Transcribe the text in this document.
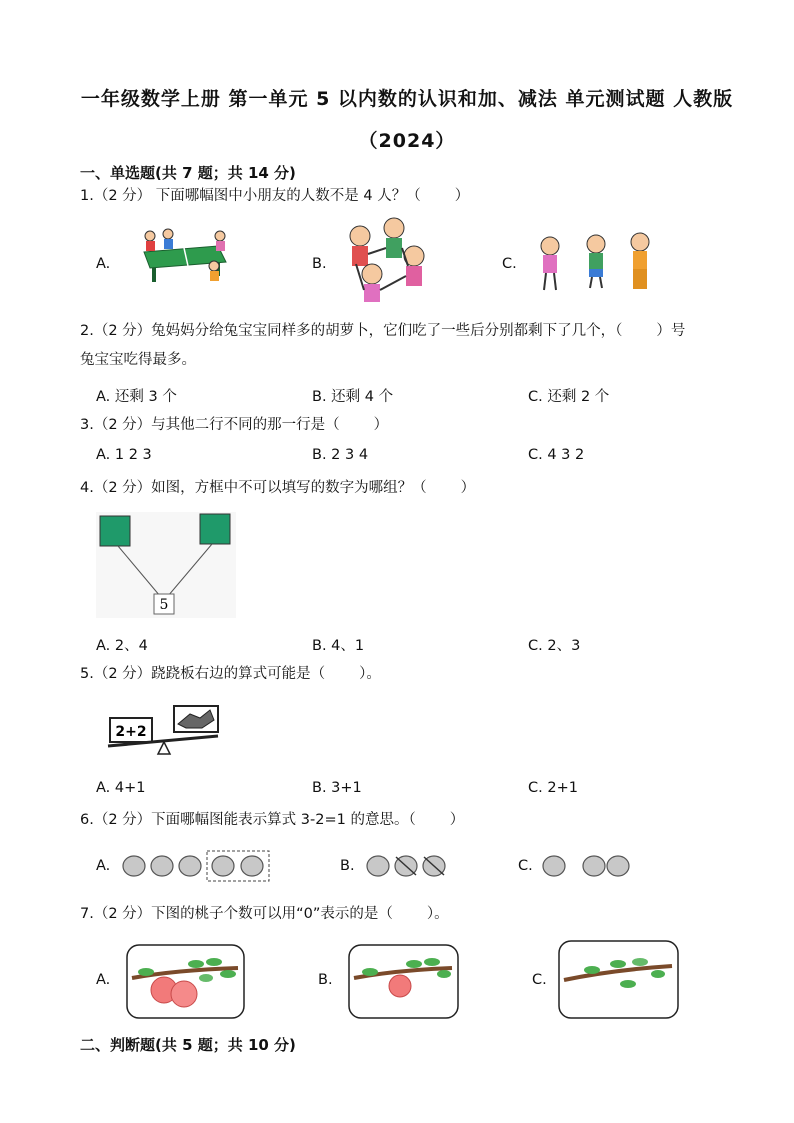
一年级数学上册 第一单元 5 以内数的认识和加、减法 单元测试题 人教版
（2024）
一、单选题(共 7 题；共 14 分)
1.（2 分） 下面哪幅图中小朋友的人数不是 4 人？（ ）
A.	B.	C.
2.（2 分）兔妈妈分给兔宝宝同样多的胡萝卜，它们吃了一些后分别都剩下了几个，（ ）号
兔宝宝吃得最多。
A. 还剩 3 个	B. 还剩 4 个	C. 还剩 2 个
3.（2 分）与其他二行不同的那一行是（ ）
A. 1 2 3	B. 2 3 4	C. 4 3 2
4.（2 分）如图，方框中不可以填写的数字为哪组？（ ）
5
A. 2、4	B. 4、1	C. 2、3
5.（2 分）跷跷板右边的算式可能是（ ）。
2+2
A. 4+1	B. 3+1	C. 2+1
6.（2 分）下面哪幅图能表示算式 3-2=1 的意思。（ ）
A.	B.	C.
7.（2 分）下图的桃子个数可以用“0”表示的是（ ）。
A.	B.	C.
二、判断题(共 5 题；共 10 分)
